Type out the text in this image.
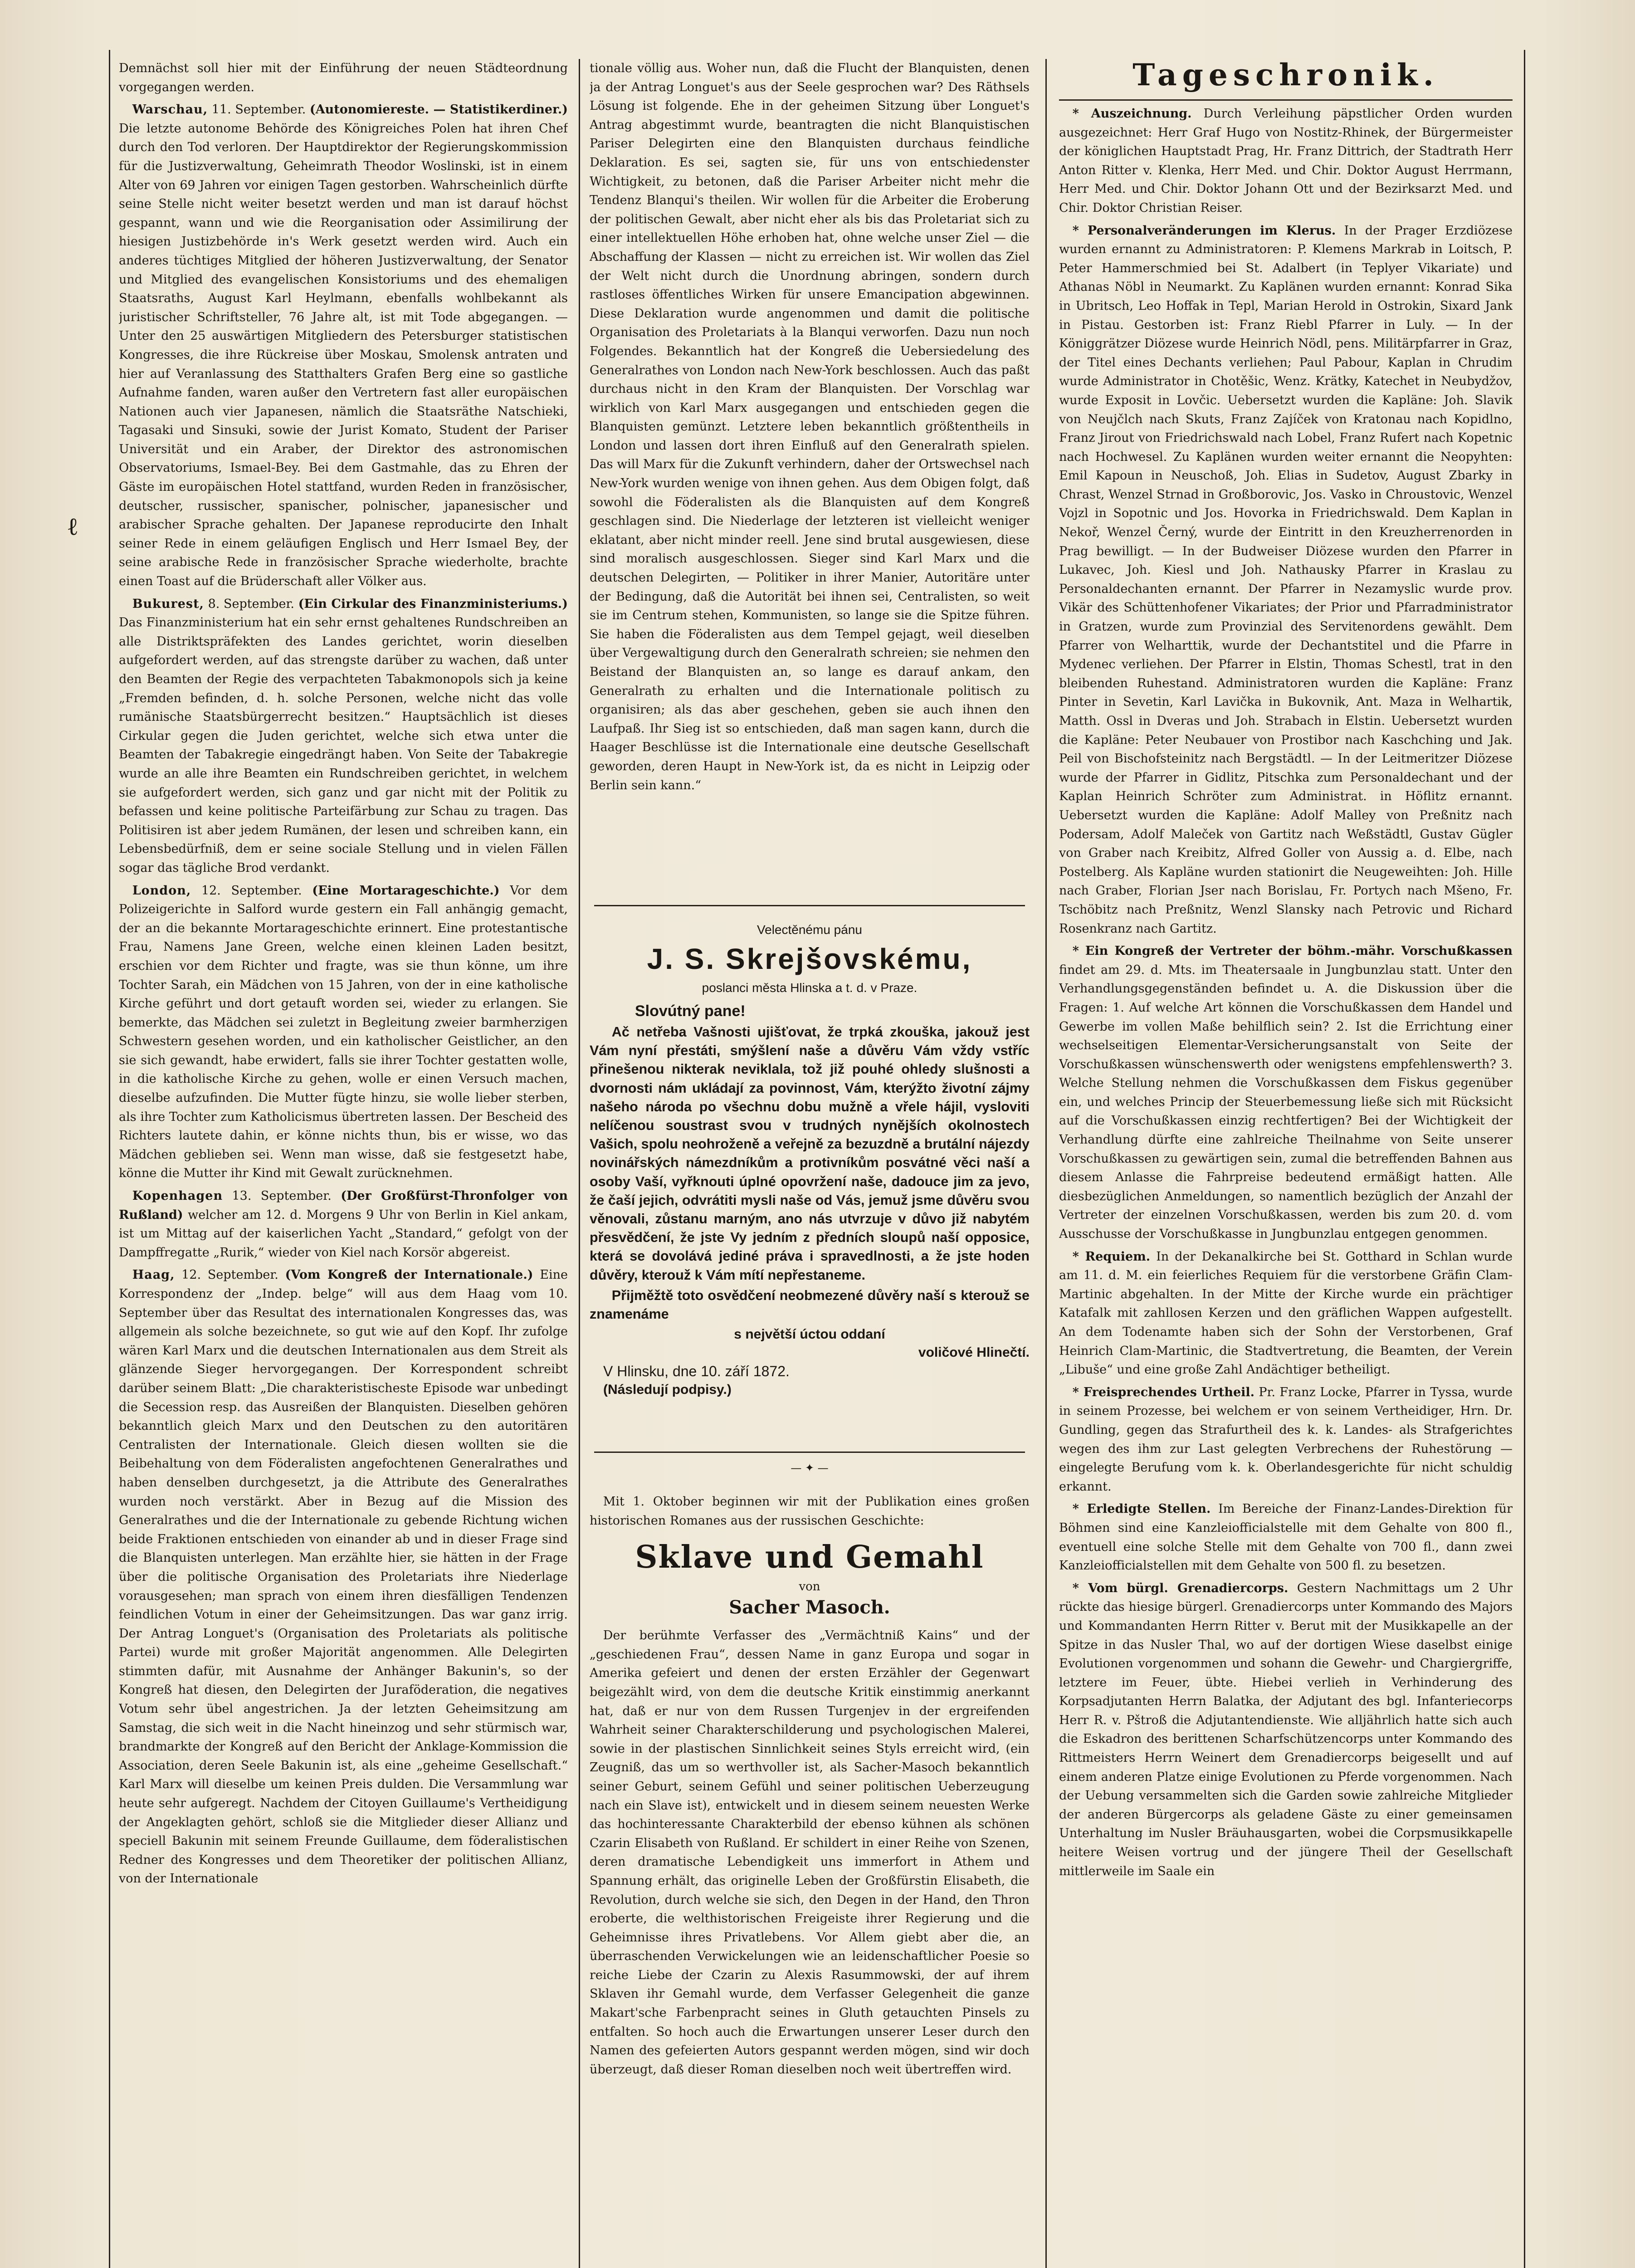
ℓ

Demnächst soll hier mit der Einführung der neuen Städteordnung vorgegangen werden.

Warschau, 11. September. (Autonomiereste. — Statistikerdiner.) Die letzte autonome Behörde des Königreiches Polen hat ihren Chef durch den Tod verloren. Der Hauptdirektor der Regierungskommission für die Justizverwaltung, Geheimrath Theodor Woslinski, ist in einem Alter von 69 Jahren vor einigen Tagen gestorben. Wahrscheinlich dürfte seine Stelle nicht weiter besetzt werden und man ist darauf höchst gespannt, wann und wie die Reorganisation oder Assimilirung der hiesigen Justizbehörde in's Werk gesetzt werden wird. Auch ein anderes tüchtiges Mitglied der höheren Justizverwaltung, der Senator und Mitglied des evangelischen Konsistoriums und des ehemaligen Staatsraths, August Karl Heylmann, ebenfalls wohlbekannt als juristischer Schriftsteller, 76 Jahre alt, ist mit Tode abgegangen. — Unter den 25 auswärtigen Mitgliedern des Petersburger statistischen Kongresses, die ihre Rückreise über Moskau, Smolensk antraten und hier auf Veranlassung des Statthalters Grafen Berg eine so gastliche Aufnahme fanden, waren außer den Vertretern fast aller europäischen Nationen auch vier Japanesen, nämlich die Staatsräthe Natschieki, Tagasaki und Sinsuki, sowie der Jurist Komato, Student der Pariser Universität und ein Araber, der Direktor des astronomischen Observatoriums, Ismael-Bey. Bei dem Gastmahle, das zu Ehren der Gäste im europäischen Hotel stattfand, wurden Reden in französischer, deutscher, russischer, spanischer, polnischer, japanesischer und arabischer Sprache gehalten. Der Japanese reproducirte den Inhalt seiner Rede in einem geläufigen Englisch und Herr Ismael Bey, der seine arabische Rede in französischer Sprache wiederholte, brachte einen Toast auf die Brüderschaft aller Völker aus.

Bukurest, 8. September. (Ein Cirkular des Finanzministeriums.) Das Finanzministerium hat ein sehr ernst gehaltenes Rundschreiben an alle Distriktspräfekten des Landes gerichtet, worin dieselben aufgefordert werden, auf das strengste darüber zu wachen, daß unter den Beamten der Regie des verpachteten Tabakmonopols sich ja keine „Fremden befinden, d. h. solche Personen, welche nicht das volle rumänische Staatsbürgerrecht besitzen.“ Hauptsächlich ist dieses Cirkular gegen die Juden gerichtet, welche sich etwa unter die Beamten der Tabakregie eingedrängt haben. Von Seite der Tabakregie wurde an alle ihre Beamten ein Rundschreiben gerichtet, in welchem sie aufgefordert werden, sich ganz und gar nicht mit der Politik zu befassen und keine politische Parteifärbung zur Schau zu tragen. Das Politisiren ist aber jedem Rumänen, der lesen und schreiben kann, ein Lebensbedürfniß, dem er seine sociale Stellung und in vielen Fällen sogar das tägliche Brod verdankt.

London, 12. September. (Eine Mortarageschichte.) Vor dem Polizeigerichte in Salford wurde gestern ein Fall anhängig gemacht, der an die bekannte Mortarageschichte erinnert. Eine protestantische Frau, Namens Jane Green, welche einen kleinen Laden besitzt, erschien vor dem Richter und fragte, was sie thun könne, um ihre Tochter Sarah, ein Mädchen von 15 Jahren, von der in eine katholische Kirche geführt und dort getauft worden sei, wieder zu erlangen. Sie bemerkte, das Mädchen sei zuletzt in Begleitung zweier barmherzigen Schwestern gesehen worden, und ein katholischer Geistlicher, an den sie sich gewandt, habe erwidert, falls sie ihrer Tochter gestatten wolle, in die katholische Kirche zu gehen, wolle er einen Versuch machen, dieselbe aufzufinden. Die Mutter fügte hinzu, sie wolle lieber sterben, als ihre Tochter zum Katholicismus übertreten lassen. Der Bescheid des Richters lautete dahin, er könne nichts thun, bis er wisse, wo das Mädchen geblieben sei. Wenn man wisse, daß sie festgesetzt habe, könne die Mutter ihr Kind mit Gewalt zurücknehmen.

Kopenhagen 13. September. (Der Großfürst-Thronfolger von Rußland) welcher am 12. d. Morgens 9 Uhr von Berlin in Kiel ankam, ist um Mittag auf der kaiserlichen Yacht „Standard,“ gefolgt von der Dampffregatte „Rurik,“ wieder von Kiel nach Korsör abgereist.

Haag, 12. September. (Vom Kongreß der Internationale.) Eine Korrespondenz der „Indep. belge“ will aus dem Haag vom 10. September über das Resultat des internationalen Kongresses das, was allgemein als solche bezeichnete, so gut wie auf den Kopf. Ihr zufolge wären Karl Marx und die deutschen Internationalen aus dem Streit als glänzende Sieger hervorgegangen. Der Korrespondent schreibt darüber seinem Blatt: „Die charakteristischeste Episode war unbedingt die Secession resp. das Ausreißen der Blanquisten. Dieselben gehören bekanntlich gleich Marx und den Deutschen zu den autoritären Centralisten der Internationale. Gleich diesen wollten sie die Beibehaltung von dem Föderalisten angefochtenen Generalrathes und haben denselben durchgesetzt, ja die Attribute des Generalrathes wurden noch verstärkt. Aber in Bezug auf die Mission des Generalrathes und die der Internationale zu gebende Richtung wichen beide Fraktionen entschieden von einander ab und in dieser Frage sind die Blanquisten unterlegen. Man erzählte hier, sie hätten in der Frage über die politische Organisation des Proletariats ihre Niederlage vorausgesehen; man sprach von einem ihren diesfälligen Tendenzen feindlichen Votum in einer der Geheimsitzungen. Das war ganz irrig. Der Antrag Longuet's (Organisation des Proletariats als politische Partei) wurde mit großer Majorität angenommen. Alle Delegirten stimmten dafür, mit Ausnahme der Anhänger Bakunin's, so der Kongreß hat diesen, den Delegirten der Juraföderation, die negatives Votum sehr übel angestrichen. Ja der letzten Geheimsitzung am Samstag, die sich weit in die Nacht hineinzog und sehr stürmisch war, brandmarkte der Kongreß auf den Bericht der Anklage-Kommission die Association, deren Seele Bakunin ist, als eine „geheime Gesellschaft.“ Karl Marx will dieselbe um keinen Preis dulden. Die Versammlung war heute sehr aufgeregt. Nachdem der Citoyen Guillaume's Vertheidigung der Angeklagten gehört, schloß sie die Mitglieder dieser Allianz und speciell Bakunin mit seinem Freunde Guillaume, dem föderalistischen Redner des Kongresses und dem Theoretiker der politischen Allianz, von der Internationale

tionale völlig aus. Woher nun, daß die Flucht der Blanquisten, denen ja der Antrag Longuet's aus der Seele gesprochen war? Des Räthsels Lösung ist folgende. Ehe in der geheimen Sitzung über Longuet's Antrag abgestimmt wurde, beantragten die nicht Blanquistischen Pariser Delegirten eine den Blanquisten durchaus feindliche Deklaration. Es sei, sagten sie, für uns von entschiedenster Wichtigkeit, zu betonen, daß die Pariser Arbeiter nicht mehr die Tendenz Blanqui's theilen. Wir wollen für die Arbeiter die Eroberung der politischen Gewalt, aber nicht eher als bis das Proletariat sich zu einer intellektuellen Höhe erhoben hat, ohne welche unser Ziel — die Abschaffung der Klassen — nicht zu erreichen ist. Wir wollen das Ziel der Welt nicht durch die Unordnung abringen, sondern durch rastloses öffentliches Wirken für unsere Emancipation abgewinnen. Diese Deklaration wurde angenommen und damit die politische Organisation des Proletariats à la Blanqui verworfen. Dazu nun noch Folgendes. Bekanntlich hat der Kongreß die Uebersiedelung des Generalrathes von London nach New-York beschlossen. Auch das paßt durchaus nicht in den Kram der Blanquisten. Der Vorschlag war wirklich von Karl Marx ausgegangen und entschieden gegen die Blanquisten gemünzt. Letztere leben bekanntlich größtentheils in London und lassen dort ihren Einfluß auf den Generalrath spielen. Das will Marx für die Zukunft verhindern, daher der Ortswechsel nach New-York wurden wenige von ihnen gehen. Aus dem Obigen folgt, daß sowohl die Föderalisten als die Blanquisten auf dem Kongreß geschlagen sind. Die Niederlage der letzteren ist vielleicht weniger eklatant, aber nicht minder reell. Jene sind brutal ausgewiesen, diese sind moralisch ausgeschlossen. Sieger sind Karl Marx und die deutschen Delegirten, — Politiker in ihrer Manier, Autoritäre unter der Bedingung, daß die Autorität bei ihnen sei, Centralisten, so weit sie im Centrum stehen, Kommunisten, so lange sie die Spitze führen. Sie haben die Föderalisten aus dem Tempel gejagt, weil dieselben über Vergewaltigung durch den Generalrath schreien; sie nehmen den Beistand der Blanquisten an, so lange es darauf ankam, den Generalrath zu erhalten und die Internationale politisch zu organisiren; als das aber geschehen, geben sie auch ihnen den Laufpaß. Ihr Sieg ist so entschieden, daß man sagen kann, durch die Haager Beschlüsse ist die Internationale eine deutsche Gesellschaft geworden, deren Haupt in New-York ist, da es nicht in Leipzig oder Berlin sein kann.“

Velectěnému pánu
J. S. Skrejšovskému,
poslanci města Hlinska a t. d. v Praze.
Slovútný pane!

Ač netřeba Vašnosti ujišťovat, že trpká zkouška, jakouž jest Vám nyní přestáti, smýšlení naše a důvěru Vám vždy vstříc přinešenou nikterak neviklala, tož již pouhé ohledy slušnosti a dvornosti nám ukládají za povinnost, Vám, kterýžto životní zájmy našeho národa po všechnu dobu mužně a vřele hájil, vysloviti nelíčenou soustrast svou v trudných nynějších okolnostech Vašich, spolu neohroženě a veřejně za bezuzdně a brutální nájezdy novinářských námezdníkům a protivníkům posvátné věci naší a osoby Vaší, vyřknouti úplné opovržení naše, dadouce jim za jevo, že čaší jejich, odvrátiti mysli naše od Vás, jemuž jsme důvěru svou věnovali, zůstanu marným, ano nás utvrzuje v důvo již nabytém přesvědčení, že jste Vy jedním z předních sloupů naší opposice, která se dovolává jediné práva i spravedlnosti, a že jste hoden důvěry, kterouž k Vám mítí nepřestaneme.

Přijměžtě toto osvědčení neobmezené důvěry naší s kterouž se znamenáme

s největší úctou oddaní
voličové Hlinečtí.
V Hlinsku, dne 10. září 1872.
(Následují podpisy.)
— ✦ —

Mit 1. Oktober beginnen wir mit der Publikation eines großen historischen Romanes aus der russischen Geschichte:

Sklave und Gemahl
von
Sacher Masoch.

Der berühmte Verfasser des „Vermächtniß Kains“ und der „geschiedenen Frau“, dessen Name in ganz Europa und sogar in Amerika gefeiert und denen der ersten Erzähler der Gegenwart beigezählt wird, von dem die deutsche Kritik einstimmig anerkannt hat, daß er nur von dem Russen Turgenjev in der ergreifenden Wahrheit seiner Charakterschilderung und psychologischen Malerei, sowie in der plastischen Sinnlichkeit seines Styls erreicht wird, (ein Zeugniß, das um so werthvoller ist, als Sacher-Masoch bekanntlich seiner Geburt, seinem Gefühl und seiner politischen Ueberzeugung nach ein Slave ist), entwickelt und in diesem seinem neuesten Werke das hochinteressante Charakterbild der ebenso kühnen als schönen Czarin Elisabeth von Rußland. Er schildert in einer Reihe von Szenen, deren dramatische Lebendigkeit uns immerfort in Athem und Spannung erhält, das originelle Leben der Großfürstin Elisabeth, die Revolution, durch welche sie sich, den Degen in der Hand, den Thron eroberte, die welthistorischen Freigeiste ihrer Regierung und die Geheimnisse ihres Privatlebens. Vor Allem giebt aber die, an überraschenden Verwickelungen wie an leidenschaftlicher Poesie so reiche Liebe der Czarin zu Alexis Rasummowski, der auf ihrem Sklaven ihr Gemahl wurde, dem Verfasser Gelegenheit die ganze Makart'sche Farbenpracht seines in Gluth getauchten Pinsels zu entfalten. So hoch auch die Erwartungen unserer Leser durch den Namen des gefeierten Autors gespannt werden mögen, sind wir doch überzeugt, daß dieser Roman dieselben noch weit übertreffen wird.

Tageschronik.

* Auszeichnung. Durch Verleihung päpstlicher Orden wurden ausgezeichnet: Herr Graf Hugo von Nostitz-Rhinek, der Bürgermeister der königlichen Hauptstadt Prag, Hr. Franz Dittrich, der Stadtrath Herr Anton Ritter v. Klenka, Herr Med. und Chir. Doktor August Herrmann, Herr Med. und Chir. Doktor Johann Ott und der Bezirksarzt Med. und Chir. Doktor Christian Reiser.

* Personalveränderungen im Klerus. In der Prager Erzdiözese wurden ernannt zu Administratoren: P. Klemens Markrab in Loitsch, P. Peter Hammerschmied bei St. Adalbert (in Teplyer Vikariate) und Athanas Nöbl in Neumarkt. Zu Kaplänen wurden ernannt: Konrad Sika in Ubritsch, Leo Hoffak in Tepl, Marian Herold in Ostrokin, Sixard Jank in Pistau. Gestorben ist: Franz Riebl Pfarrer in Luly. — In der Königgrätzer Diözese wurde Heinrich Nödl, pens. Militärpfarrer in Graz, der Titel eines Dechants verliehen; Paul Pabour, Kaplan in Chrudim wurde Administrator in Chotěšic, Wenz. Krätky, Katechet in Neubydžov, wurde Exposit in Lovčic. Uebersetzt wurden die Kapläne: Joh. Slavik von Neujčlch nach Skuts, Franz Zajíček von Kratonau nach Kopidlno, Franz Jirout von Friedrichswald nach Lobel, Franz Rufert nach Kopetnic nach Hochwesel. Zu Kaplänen wurden weiter ernannt die Neopyhten: Emil Kapoun in Neuschoß, Joh. Elias in Sudetov, August Zbarky in Chrast, Wenzel Strnad in Großborovic, Jos. Vasko in Chroustovic, Wenzel Vojzl in Sopotnic und Jos. Hovorka in Friedrichswald. Dem Kaplan in Nekoř, Wenzel Černý, wurde der Eintritt in den Kreuzherrenorden in Prag bewilligt. — In der Budweiser Diözese wurden den Pfarrer in Lukavec, Joh. Kiesl und Joh. Nathausky Pfarrer in Kraslau zu Personaldechanten ernannt. Der Pfarrer in Nezamyslic wurde prov. Vikär des Schüttenhofener Vikariates; der Prior und Pfarradministrator in Gratzen, wurde zum Provinzial des Servitenordens gewählt. Dem Pfarrer von Welharttik, wurde der Dechantstitel und die Pfarre in Mydenec verliehen. Der Pfarrer in Elstin, Thomas Schestl, trat in den bleibenden Ruhestand. Administratoren wurden die Kapläne: Franz Pinter in Sevetin, Karl Lavička in Bukovnik, Ant. Maza in Welhartik, Matth. Ossl in Dveras und Joh. Strabach in Elstin. Uebersetzt wurden die Kapläne: Peter Neubauer von Prostibor nach Kaschching und Jak. Peil von Bischofsteinitz nach Bergstädtl. — In der Leitmeritzer Diözese wurde der Pfarrer in Gidlitz, Pitschka zum Personaldechant und der Kaplan Heinrich Schröter zum Administrat. in Höflitz ernannt. Uebersetzt wurden die Kapläne: Adolf Malley von Preßnitz nach Podersam, Adolf Maleček von Gartitz nach Weßstädtl, Gustav Gügler von Graber nach Kreibitz, Alfred Goller von Aussig a. d. Elbe, nach Postelberg. Als Kapläne wurden stationirt die Neugeweihten: Joh. Hille nach Graber, Florian Jser nach Borislau, Fr. Portych nach Mšeno, Fr. Tschöbitz nach Preßnitz, Wenzl Slansky nach Petrovic und Richard Rosenkranz nach Gartitz.

* Ein Kongreß der Vertreter der böhm.-mähr. Vorschußkassen findet am 29. d. Mts. im Theatersaale in Jungbunzlau statt. Unter den Verhandlungsgegenständen befindet u. A. die Diskussion über die Fragen: 1. Auf welche Art können die Vorschußkassen dem Handel und Gewerbe im vollen Maße behilflich sein? 2. Ist die Errichtung einer wechselseitigen Elementar-Versicherungsanstalt von Seite der Vorschußkassen wünschenswerth oder wenigstens empfehlenswerth? 3. Welche Stellung nehmen die Vorschußkassen dem Fiskus gegenüber ein, und welches Princip der Steuerbemessung ließe sich mit Rücksicht auf die Vorschußkassen einzig rechtfertigen? Bei der Wichtigkeit der Verhandlung dürfte eine zahlreiche Theilnahme von Seite unserer Vorschußkassen zu gewärtigen sein, zumal die betreffenden Bahnen aus diesem Anlasse die Fahrpreise bedeutend ermäßigt hatten. Alle diesbezüglichen Anmeldungen, so namentlich bezüglich der Anzahl der Vertreter der einzelnen Vorschußkassen, werden bis zum 20. d. vom Ausschusse der Vorschußkasse in Jungbunzlau entgegen genommen.

* Requiem. In der Dekanalkirche bei St. Gotthard in Schlan wurde am 11. d. M. ein feierliches Requiem für die verstorbene Gräfin Clam-Martinic abgehalten. In der Mitte der Kirche wurde ein prächtiger Katafalk mit zahllosen Kerzen und den gräflichen Wappen aufgestellt. An dem Todenamte haben sich der Sohn der Verstorbenen, Graf Heinrich Clam-Martinic, die Stadtvertretung, die Beamten, der Verein „Libuše“ und eine große Zahl Andächtiger betheiligt.

* Freisprechendes Urtheil. Pr. Franz Locke, Pfarrer in Tyssa, wurde in seinem Prozesse, bei welchem er von seinem Vertheidiger, Hrn. Dr. Gundling, gegen das Strafurtheil des k. k. Landes- als Strafgerichtes wegen des ihm zur Last gelegten Verbrechens der Ruhestörung — eingelegte Berufung vom k. k. Oberlandesgerichte für nicht schuldig erkannt.

* Erledigte Stellen. Im Bereiche der Finanz-Landes-Direktion für Böhmen sind eine Kanzleiofficialstelle mit dem Gehalte von 800 fl., eventuell eine solche Stelle mit dem Gehalte von 700 fl., dann zwei Kanzleiofficialstellen mit dem Gehalte von 500 fl. zu besetzen.

* Vom bürgl. Grenadiercorps. Gestern Nachmittags um 2 Uhr rückte das hiesige bürgerl. Grenadiercorps unter Kommando des Majors und Kommandanten Herrn Ritter v. Berut mit der Musikkapelle an der Spitze in das Nusler Thal, wo auf der dortigen Wiese daselbst einige Evolutionen vorgenommen und sohann die Gewehr- und Chargiergriffe, letztere im Feuer, übte. Hiebei verlieh in Verhinderung des Korpsadjutanten Herrn Balatka, der Adjutant des bgl. Infanteriecorps Herr R. v. Pštroß die Adjutantendienste. Wie alljährlich hatte sich auch die Eskadron des berittenen Scharfschützencorps unter Kommando des Rittmeisters Herrn Weinert dem Grenadiercorps beigesellt und auf einem anderen Platze einige Evolutionen zu Pferde vorgenommen. Nach der Uebung versammelten sich die Garden sowie zahlreiche Mitglieder der anderen Bürgercorps als geladene Gäste zu einer gemeinsamen Unterhaltung im Nusler Bräuhausgarten, wobei die Corpsmusikkapelle heitere Weisen vortrug und der jüngere Theil der Gesellschaft mittlerweile im Saale ein
